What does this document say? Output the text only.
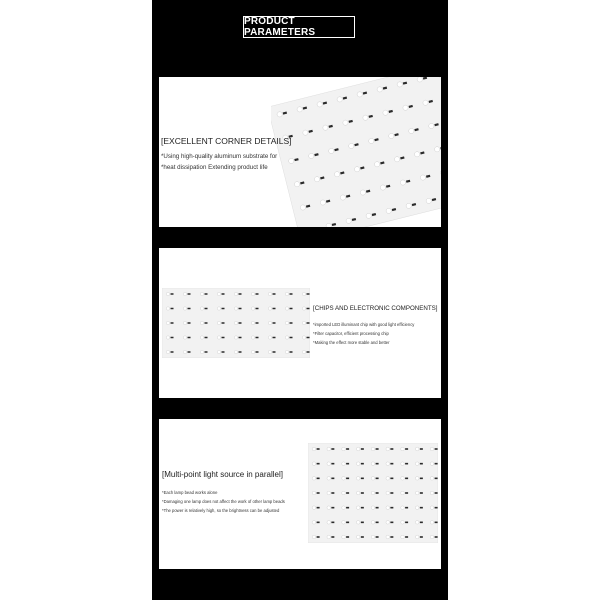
PRODUCT PARAMETERS
[EXCELLENT CORNER DETAILS]
*Using high-quality aluminum substrate for
*heat dissipation Extending product life
[CHIPS AND ELECTRONIC COMPONENTS]
*imported LED illuminant chip with good light efficiency
*Filter capacitor, efficient processing chip
*Making the effect more stable and better
[Multi-point light source in parallel]
*Each lamp bead works alone
*Damaging one lamp does not affect the work of other lamp beads
*The power is relatively high, so the brightness can be adjusted
